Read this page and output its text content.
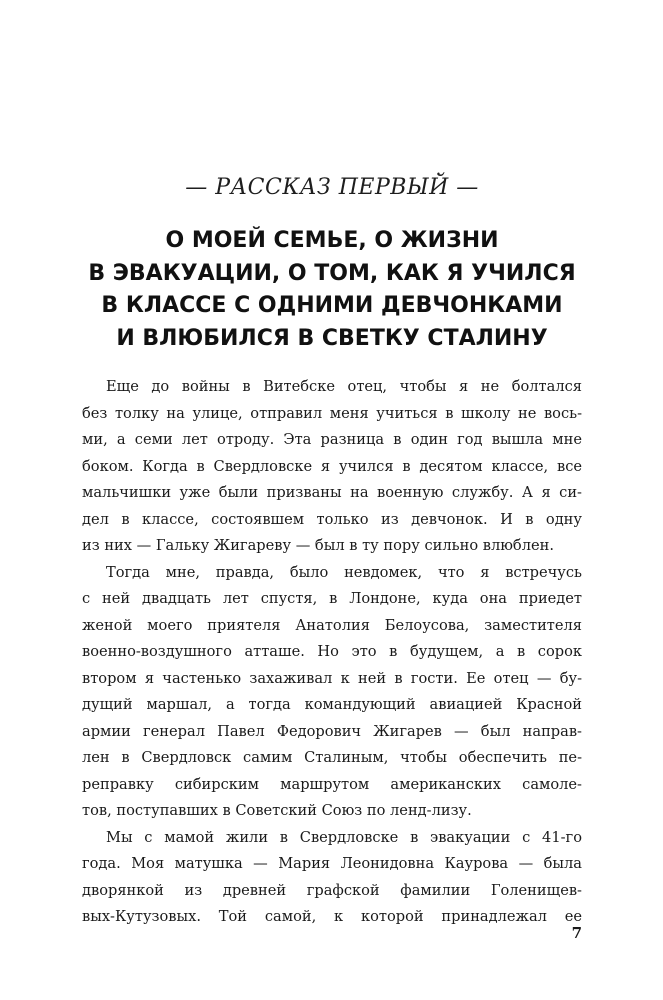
— РАССКАЗ ПЕРВЫЙ —
О МОЕЙ СЕМЬЕ, О ЖИЗНИ
В ЭВАКУАЦИИ, О ТОМ, КАК Я УЧИЛСЯ
В КЛАССЕ С ОДНИМИ ДЕВЧОНКАМИ
И ВЛЮБИЛСЯ В СВЕТКУ СТАЛИНУ
Еще до войны в Витебске отец, чтобы я не болтался
без толку на улице, отправил меня учиться в школу не вось-
ми, а семи лет отроду. Эта разница в один год вышла мне
боком. Когда в Свердловске я учился в десятом классе, все
мальчишки уже были призваны на военную службу. А я си-
дел в классе, состоявшем только из девчонок. И в одну
из них — Гальку Жигареву — был в ту пору сильно влюблен.
Тогда мне, правда, было невдомек, что я встречусь
с ней двадцать лет спустя, в Лондоне, куда она приедет
женой моего приятеля Анатолия Белоусова, заместителя
военно-воздушного атташе. Но это в будущем, а в сорок
втором я частенько захаживал к ней в гости. Ее отец — бу-
дущий маршал, а тогда командующий авиацией Красной
армии генерал Павел Федорович Жигарев — был направ-
лен в Свердловск самим Сталиным, чтобы обеспечить пе-
реправку сибирским маршрутом американских самоле-
тов, поступавших в Советский Союз по ленд-лизу.
Мы с мамой жили в Свердловске в эвакуации с 41-го
года. Моя матушка — Мария Леонидовна Каурова — была
дворянкой из древней графской фамилии Голенищев-
вых-Кутузовых. Той самой, к которой принадлежал ее
7
